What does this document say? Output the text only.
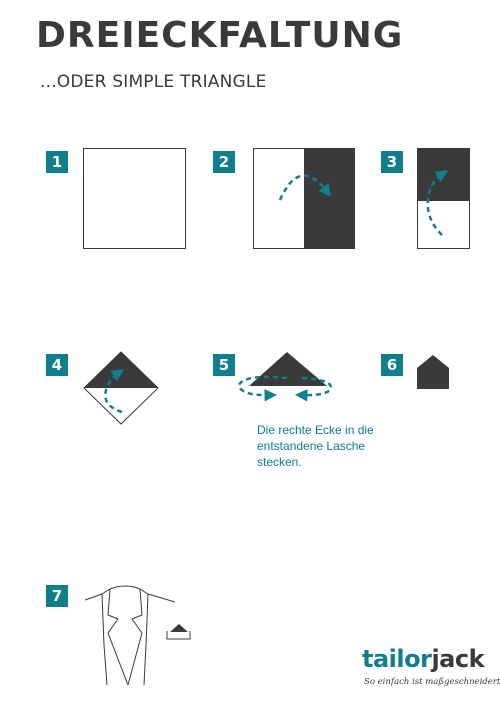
DREIECKFALTUNG
...ODER SIMPLE TRIANGLE
1	2	3
4	5
Die rechte Ecke in die entstandene Lasche stecken.
6
7
tailorjack
So einfach ist maßgeschneidert
